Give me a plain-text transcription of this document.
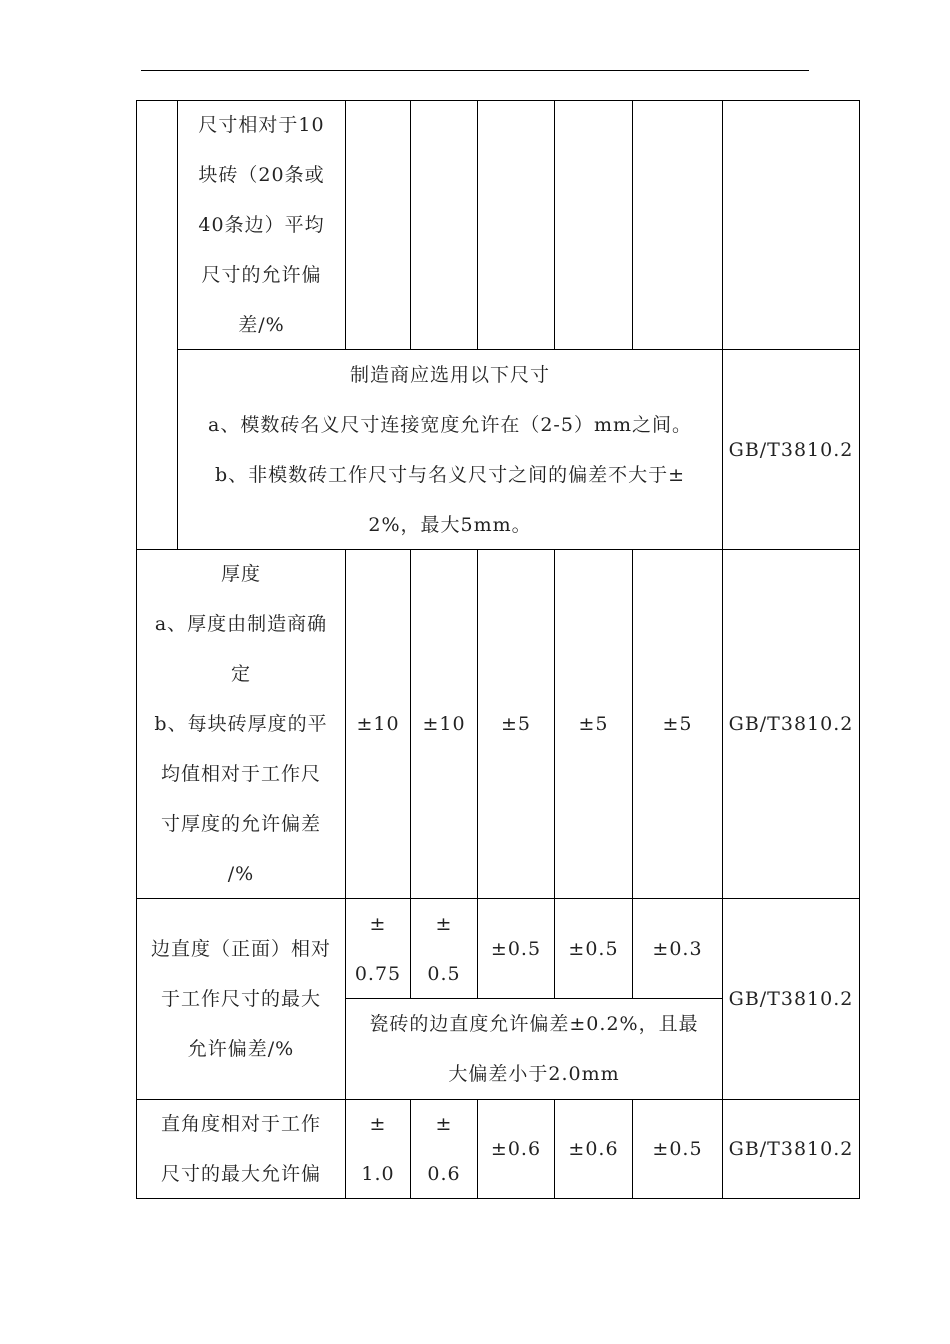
尺寸相对于10
块砖（20条或
40条边）平均
尺寸的允许偏
差/%
制造商应选用以下尺寸
a、模数砖名义尺寸连接宽度允许在（2-5）mm之间。
b、非模数砖工作尺寸与名义尺寸之间的偏差不大于±
2%，最大5mm。
GB/T3810.2
厚度
a、厚度由制造商确
定
b、每块砖厚度的平
均值相对于工作尺
寸厚度的允许偏差
/%
±10 ±10 ±5 ±5	±5 GB/T3810.2
边直度（正面）相对
于工作尺寸的最大
允许偏差/%
±
0.75
±
0.5
±0.5 ±0.5 ±0.3
瓷砖的边直度允许偏差±0.2%，且最
大偏差小于2.0mm
GB/T3810.2
直角度相对于工作
尺寸的最大允许偏
±
1.0
±
0.6
±0.6 ±0.6 ±0.5 GB/T3810.2
